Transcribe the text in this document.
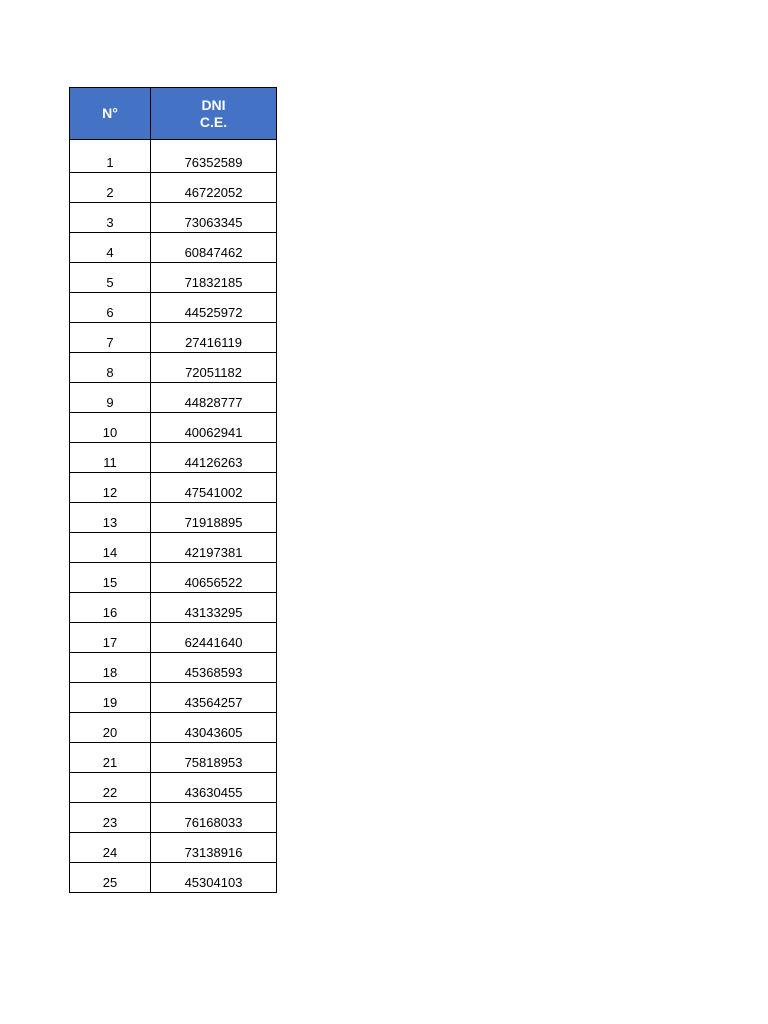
N°	DNI
C.E.

1	76352589
2	46722052
3	73063345
4	60847462
5	71832185
6	44525972
7	27416119
8	72051182
9	44828777
10	40062941
11	44126263
12	47541002
13	71918895
14	42197381
15	40656522
16	43133295
17	62441640
18	45368593
19	43564257
20	43043605
21	75818953
22	43630455
23	76168033
24	73138916
25	45304103
